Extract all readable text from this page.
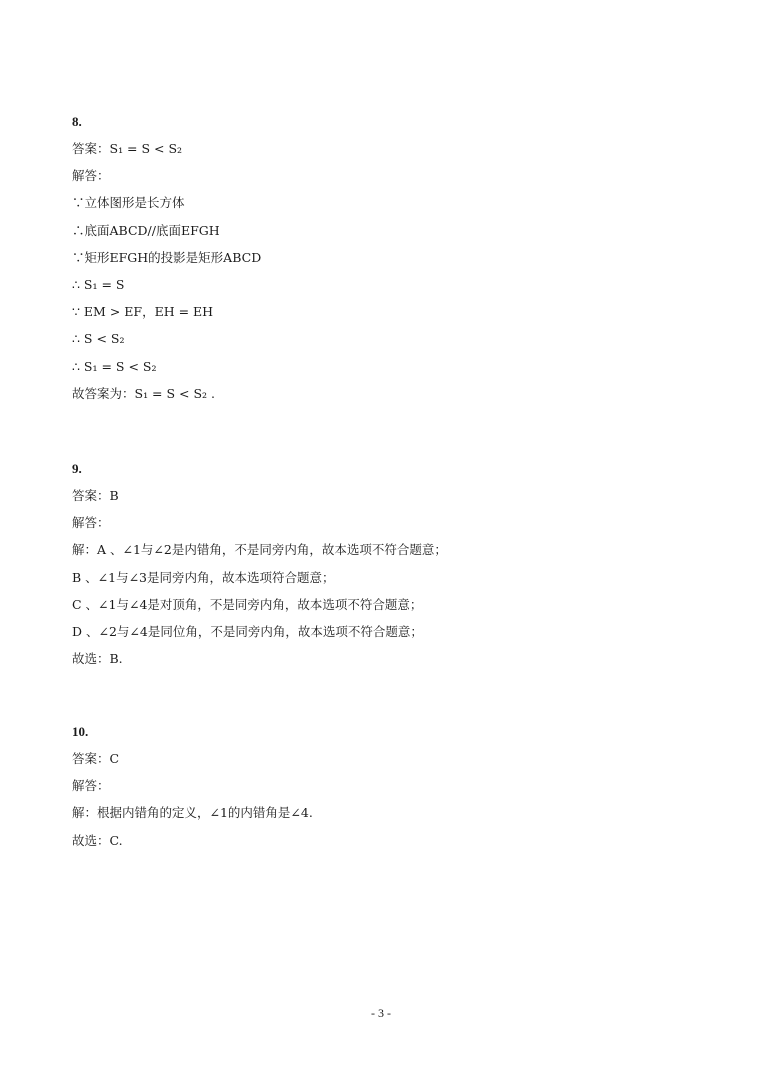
8.
答案：S₁ = S < S₂
解答：
∵立体图形是长方体
∴底面ABCD//底面EFGH
∵矩形EFGH的投影是矩形ABCD
∴ S₁ = S
∵ EM > EF，EH = EH
∴ S < S₂
∴ S₁ = S < S₂
故答案为：S₁ = S < S₂ .
9.
答案：B
解答：
解：A 、∠1与∠2是内错角，不是同旁内角，故本选项不符合题意；
B 、∠1与∠3是同旁内角，故本选项符合题意；
C 、∠1与∠4是对顶角，不是同旁内角，故本选项不符合题意；
D 、∠2与∠4是同位角，不是同旁内角，故本选项不符合题意；
故选：B.
10.
答案：C
解答：
解：根据内错角的定义，∠1的内错角是∠4.
故选：C.
- 3 -
